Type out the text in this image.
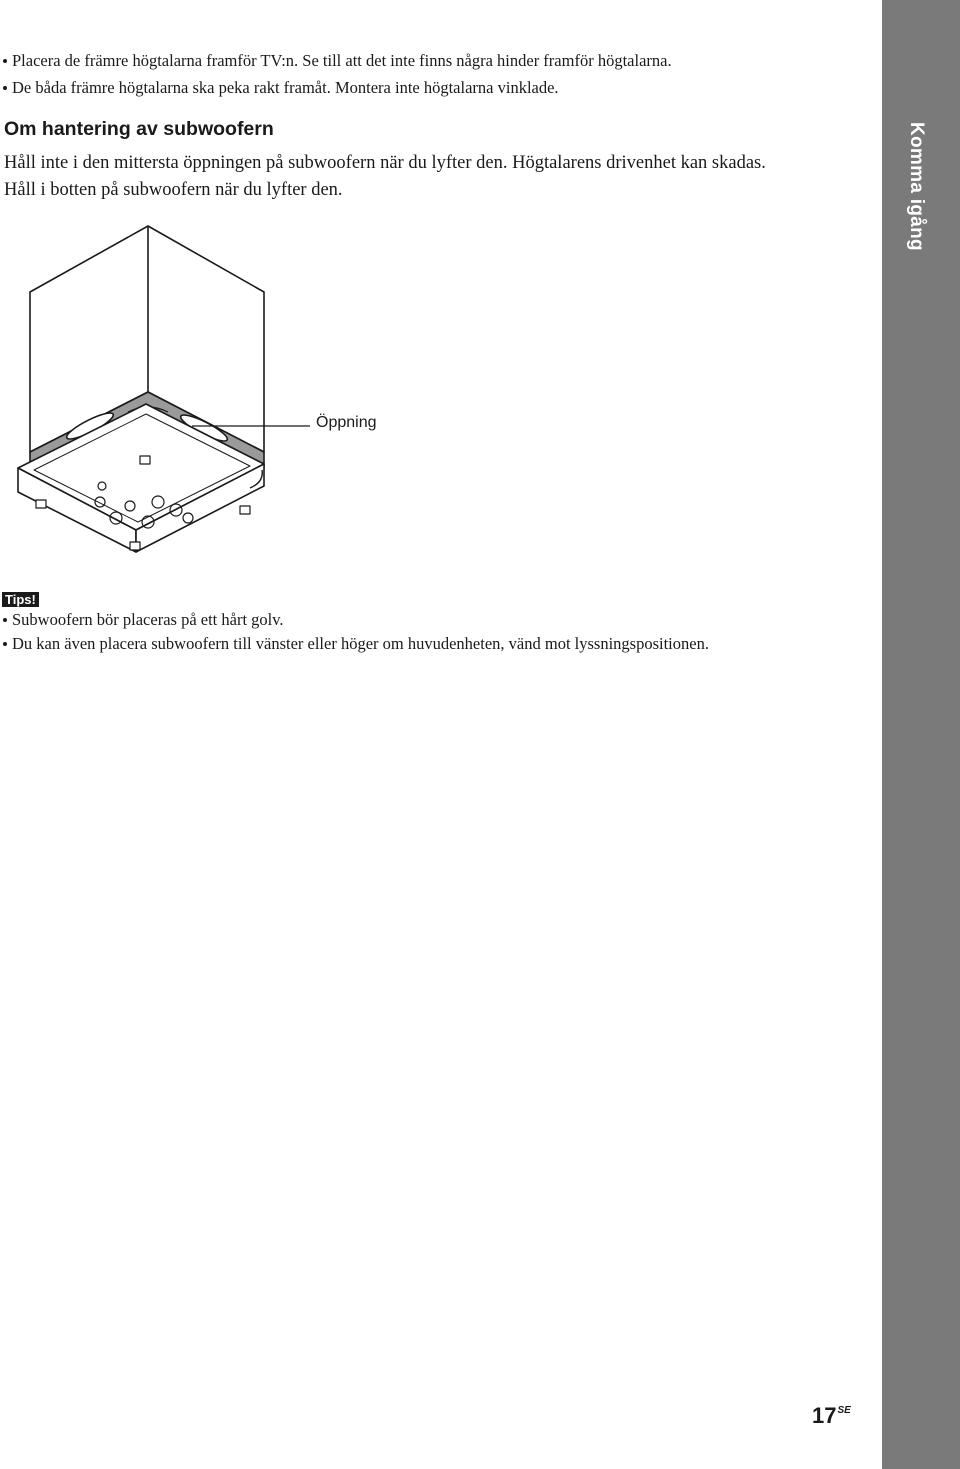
Komma igång
Placera de främre högtalarna framför TV:n. Se till att det inte finns några hinder framför högtalarna.
De båda främre högtalarna ska peka rakt framåt. Montera inte högtalarna vinklade.
Om hantering av subwoofern

Håll inte i den mittersta öppningen på subwoofern när du lyfter den. Högtalarens drivenhet kan skadas.
Håll i botten på subwoofern när du lyfter den.

Öppning
Tips!
Subwoofern bör placeras på ett hårt golv.
Du kan även placera subwoofern till vänster eller höger om huvudenheten, vänd mot lyssningspositionen.
$17^{SE}$
